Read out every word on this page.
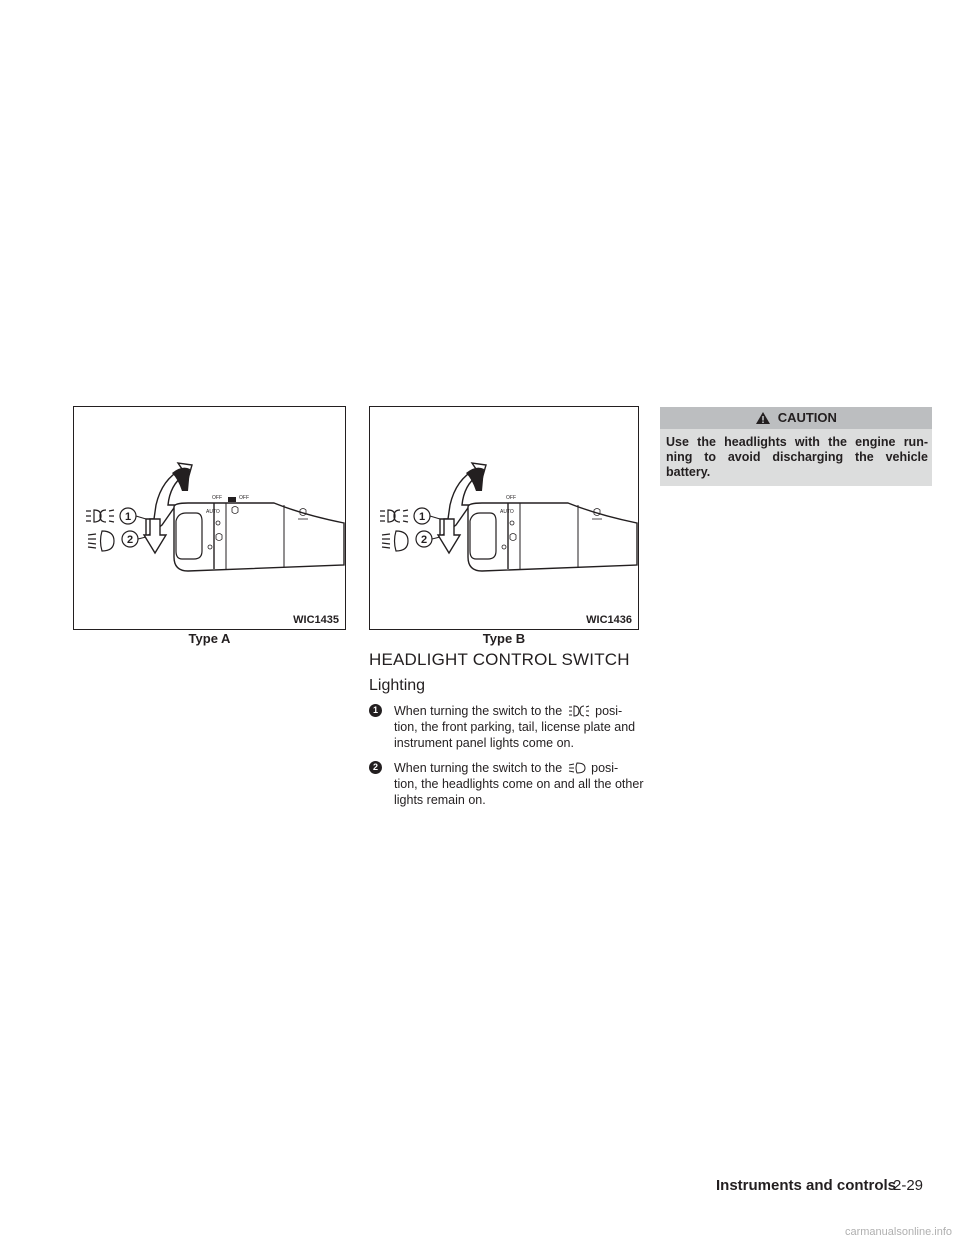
OFF	OFF
AUTO
1
2
WIC1435
Type A
OFF
AUTO
1
2
WIC1436
Type B
HEADLIGHT CONTROL SWITCH
Lighting
1	When turning the switch to the	posi- tion, the front parking, tail, license plate and instrument panel lights come on.
2	When turning the switch to the posi- tion, the headlights come on and all the other lights remain on.
CAUTION
Use the headlights with the engine run- ning to avoid discharging the vehicle battery.
Instruments and controls
2-29
carmanualsonline.info
